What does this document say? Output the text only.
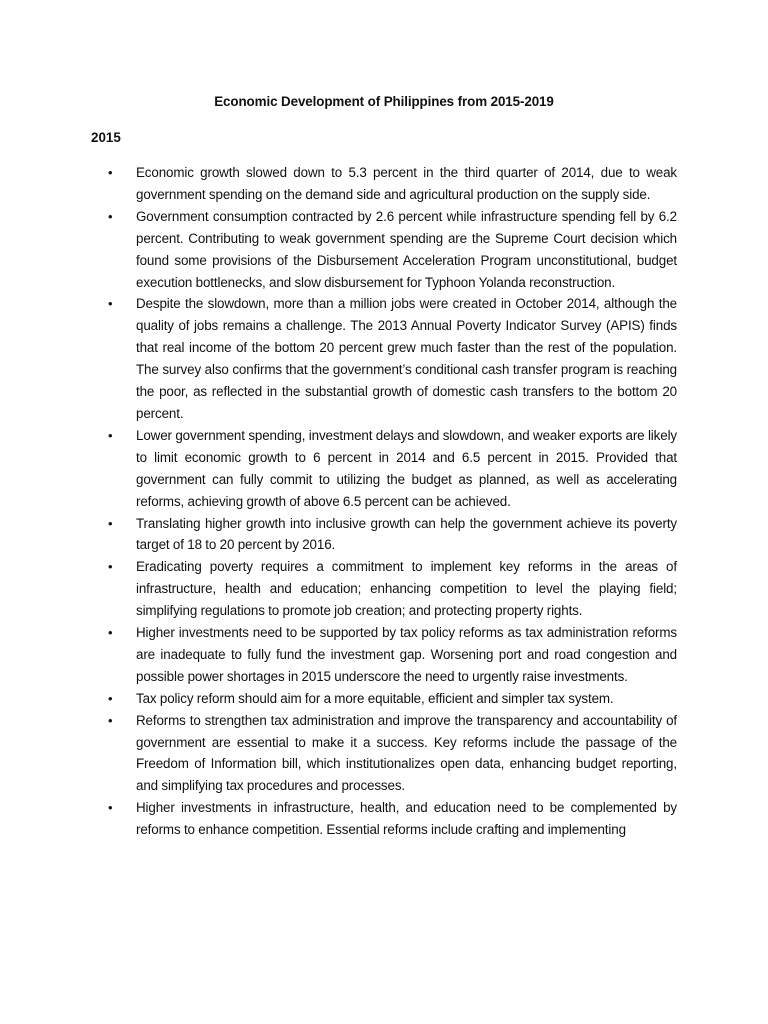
Economic Development of Philippines from 2015-2019
2015
• Economic growth slowed down to 5.3 percent in the third quarter of 2014, due to weak government spending on the demand side and agricultural production on the supply side.
• Government consumption contracted by 2.6 percent while infrastructure spending fell by 6.2 percent. Contributing to weak government spending are the Supreme Court decision which found some provisions of the Disbursement Acceleration Program unconstitutional, budget execution bottlenecks, and slow disbursement for Typhoon Yolanda reconstruction.
• Despite the slowdown, more than a million jobs were created in October 2014, although the quality of jobs remains a challenge. The 2013 Annual Poverty Indicator Survey (APIS) finds that real income of the bottom 20 percent grew much faster than the rest of the population. The survey also confirms that the government’s conditional cash transfer program is reaching the poor, as reflected in the substantial growth of domestic cash transfers to the bottom 20 percent.
• Lower government spending, investment delays and slowdown, and weaker exports are likely to limit economic growth to 6 percent in 2014 and 6.5 percent in 2015. Provided that government can fully commit to utilizing the budget as planned, as well as accelerating reforms, achieving growth of above 6.5 percent can be achieved.
• Translating higher growth into inclusive growth can help the government achieve its poverty target of 18 to 20 percent by 2016.
• Eradicating poverty requires a commitment to implement key reforms in the areas of infrastructure, health and education; enhancing competition to level the playing field; simplifying regulations to promote job creation; and protecting property rights.
• Higher investments need to be supported by tax policy reforms as tax administration reforms are inadequate to fully fund the investment gap. Worsening port and road congestion and possible power shortages in 2015 underscore the need to urgently raise investments.
• Tax policy reform should aim for a more equitable, efficient and simpler tax system.
• Reforms to strengthen tax administration and improve the transparency and accountability of government are essential to make it a success. Key reforms include the passage of the Freedom of Information bill, which institutionalizes open data, enhancing budget reporting, and simplifying tax procedures and processes.
• Higher investments in infrastructure, health, and education need to be complemented by reforms to enhance competition. Essential reforms include crafting and implementing
